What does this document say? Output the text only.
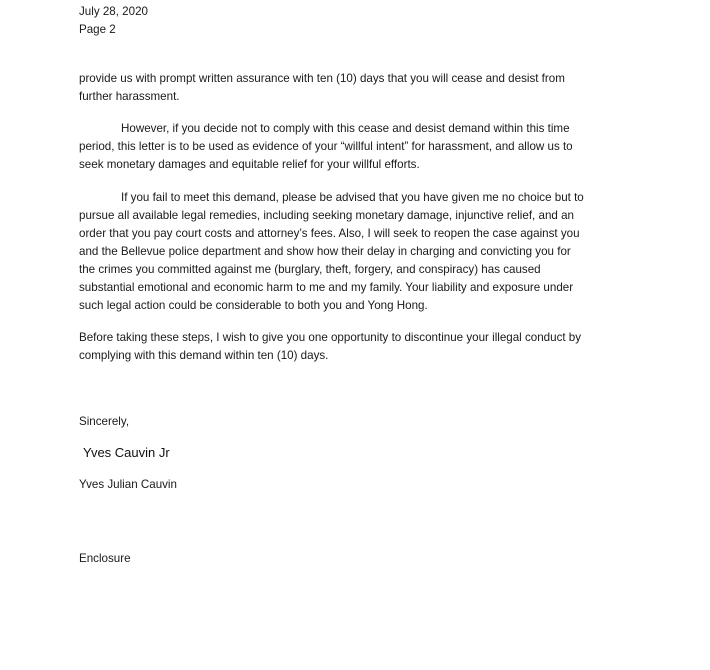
July 28, 2020
Page 2
provide us with prompt written assurance with ten (10) days that you will cease and desist from
further harassment.
However, if you decide not to comply with this cease and desist demand within this time
period, this letter is to be used as evidence of your “willful intent” for harassment, and allow us to
seek monetary damages and equitable relief for your willful efforts.
If you fail to meet this demand, please be advised that you have given me no choice but to
pursue all available legal remedies, including seeking monetary damage, injunctive relief, and an
order that you pay court costs and attorney’s fees. Also, I will seek to reopen the case against you
and the Bellevue police department and show how their delay in charging and convicting you for
the crimes you committed against me (burglary, theft, forgery, and conspiracy) has caused
substantial emotional and economic harm to me and my family. Your liability and exposure under
such legal action could be considerable to both you and Yong Hong.
Before taking these steps, I wish to give you one opportunity to discontinue your illegal conduct by
complying with this demand within ten (10) days.
Sincerely,
Yves Cauvin Jr
Yves Julian Cauvin
Enclosure
